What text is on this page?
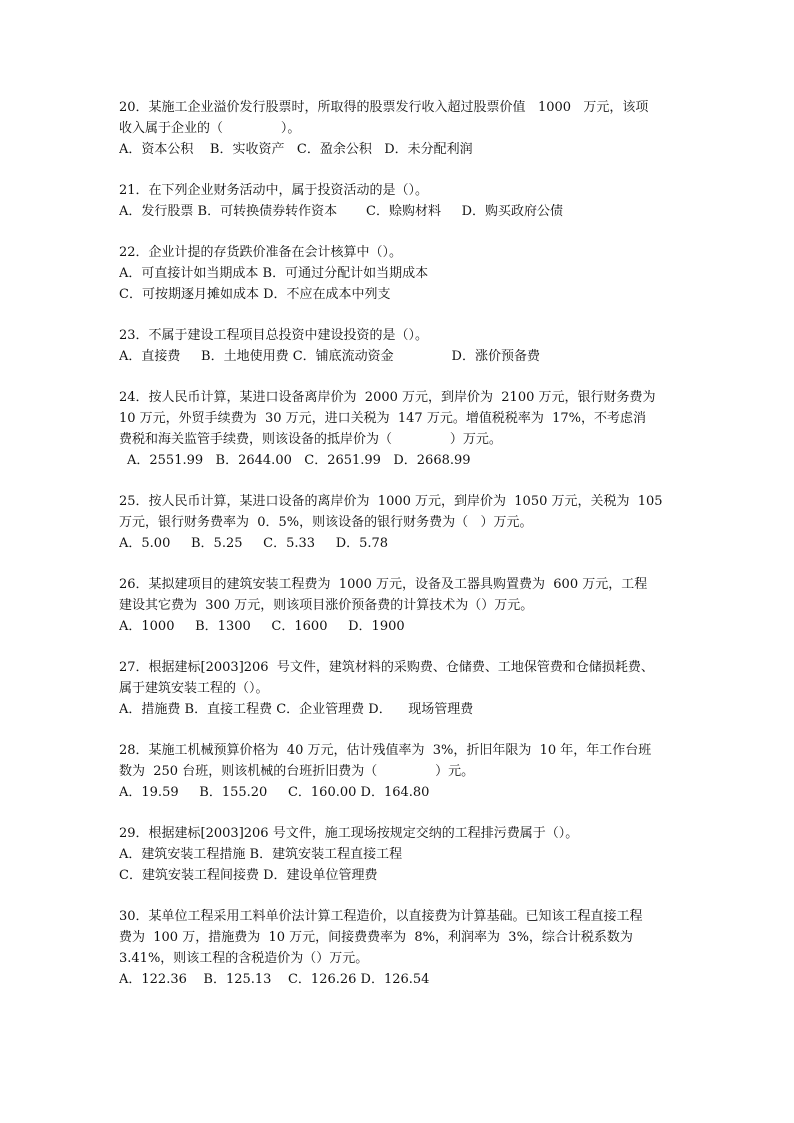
20．某施工企业溢价发行股票时，所取得的股票发行收入超过股票价值   1000   万元，该项
收入属于企业的（              ）。
A．资本公积    B．实收资产   C．盈余公积   D．未分配利润
21．在下列企业财务活动中，属于投资活动的是（）。
A．发行股票 B．可转换债券转作资本       C．赊购材料     D．购买政府公债
22．企业计提的存货跌价准备在会计核算中（）。
A．可直接计如当期成本 B．可通过分配计如当期成本
C．可按期逐月摊如成本 D．不应在成本中列支
23．不属于建设工程项目总投资中建设投资的是（）。
A．直接费     B．土地使用费 C．铺底流动资金              D．涨价预备费
24．按人民币计算，某进口设备离岸价为  2000 万元，到岸价为  2100 万元，银行财务费为
10 万元，外贸手续费为  30 万元，进口关税为  147 万元。增值税税率为  17%，不考虑消
费税和海关监管手续费，则该设备的抵岸价为（              ）万元。
A．2551.99   B．2644.00   C．2651.99   D．2668.99
25．按人民币计算，某进口设备的离岸价为  1000 万元，到岸价为  1050 万元，关税为  105
万元，银行财务费率为  0．5%，则该设备的银行财务费为（   ）万元。
A．5.00     B．5.25     C．5.33     D．5.78
26．某拟建项目的建筑安装工程费为  1000 万元，设备及工器具购置费为  600 万元，工程
建设其它费为  300 万元，则该项目涨价预备费的计算技术为（）万元。
A．1000     B．1300     C．1600     D．1900
27．根据建标[2003]206  号文件，建筑材料的采购费、仓储费、工地保管费和仓储损耗费、
属于建筑安装工程的（）。
A．措施费 B．直接工程费 C．企业管理费 D．    现场管理费
28．某施工机械预算价格为  40 万元，估计残值率为  3%，折旧年限为  10 年，年工作台班
数为  250 台班，则该机械的台班折旧费为（              ）元。
A．19.59     B．155.20     C．160.00 D．164.80
29．根据建标[2003]206 号文件，施工现场按规定交纳的工程排污费属于（）。
A．建筑安装工程措施 B．建筑安装工程直接工程
C．建筑安装工程间接费 D．建设单位管理费
30．某单位工程采用工料单价法计算工程造价，以直接费为计算基础。已知该工程直接工程
费为  100 万，措施费为  10 万元，间接费费率为  8%，利润率为  3%，综合计税系数为
3.41%，则该工程的含税造价为（）万元。
A．122.36    B．125.13    C．126.26 D．126.54
